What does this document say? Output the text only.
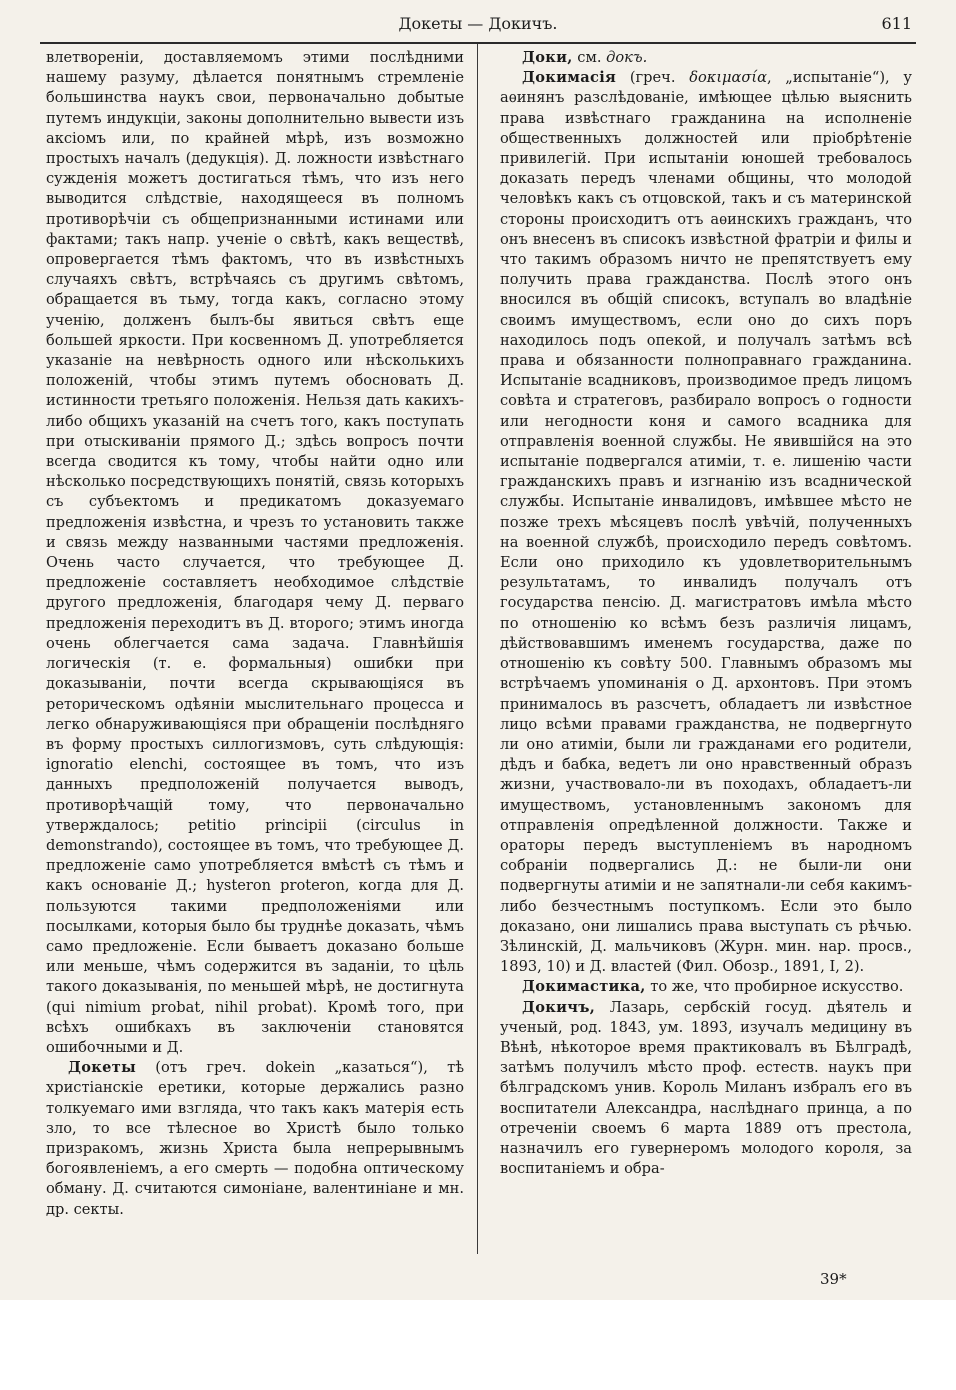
Докеты — Докичъ.	611

влетворенiи, доставляемомъ этими послѣдними нашему разуму, дѣлается понятнымъ стремленiе большинства наукъ свои, первоначально добытые путемъ индукцiи, законы дополнительно вывести изъ аксiомъ или, по крайней мѣрѣ, изъ возможно простыхъ началъ (дедукцiя). Д. ложности извѣстнаго сужденiя можетъ достигаться тѣмъ, что изъ него выводится слѣдствiе, находящееся въ полномъ противорѣчiи съ общепризнанными истинами или фактами; такъ напр. ученiе о свѣтѣ, какъ веществѣ, опровергается тѣмъ фактомъ, что въ извѣстныхъ случаяхъ свѣтъ, встрѣчаясь съ другимъ свѣтомъ, обращается въ тьму, тогда какъ, согласно этому ученiю, долженъ былъ-бы явиться свѣтъ еще большей яркости. При косвенномъ Д. употребляется указанiе на невѣрность одного или нѣсколькихъ положенiй, чтобы этимъ путемъ обосновать Д. истинности третьяго положенiя. Нельзя дать какихъ-либо общихъ указанiй на счетъ того, какъ поступать при отыскиванiи прямого Д.; здѣсь вопросъ почти всегда сводится къ тому, чтобы найти одно или нѣсколько посредствующихъ понятiй, связь которыхъ съ субъектомъ и предикатомъ доказуемаго предложенiя извѣстна, и чрезъ то установить также и связь между названными частями предложенiя. Очень часто случается, что требующее Д. предложенiе составляетъ необходимое слѣдствiе другого предложенiя, благодаря чему Д. перваго предложенiя переходитъ въ Д. второго; этимъ иногда очень облегчается сама задача. Главнѣйшiя логическiя (т. е. формальныя) ошибки при доказыванiи, почти всегда скрывающiяся въ реторическомъ одѣянiи мыслительнаго процесса и легко обнаруживающiяся при обращенiи послѣдняго въ форму простыхъ силлогизмовъ, суть слѣдующiя: ignoratio elenchi, состоящее въ томъ, что изъ данныхъ предположенiй получается выводъ, противорѣчащiй тому, что первоначально утверждалось; petitio principii (circulus in demonstrando), состоящее въ томъ, что требующее Д. предложенiе само употребляется вмѣстѣ съ тѣмъ и какъ основанiе Д.; hysteron proteron, когда для Д. пользуются такими предположенiями или посылками, которыя было бы труднѣе доказать, чѣмъ само предложенiе. Если бываетъ доказано больше или меньше, чѣмъ содержится въ заданiи, то цѣль такого доказыванiя, по меньшей мѣрѣ, не достигнута (qui nimium probat, nihil probat). Кромѣ того, при всѣхъ ошибкахъ въ заключенiи становятся ошибочными и Д.

Докеты (отъ греч. dokein „казаться“), тѣ христiанскiе еретики, которые держались разно толкуемаго ими взгляда, что такъ какъ матерiя есть зло, то все тѣлесное во Христѣ было только призракомъ, жизнь Христа была непрерывнымъ богоявленiемъ, а его смерть — подобна оптическому обману. Д. считаются симонiане, валентинiане и мн. др. секты.

Доки, см. докъ.

Докимасiя (греч. δοκιμασία, „испытанiе“), у аѳинянъ разслѣдованiе, имѣющее цѣлью выяснить права извѣстнаго гражданина на исполненiе общественныхъ должностей или прiобрѣтенiе привилегiй. При испытанiи юношей требовалось доказать передъ членами общины, что молодой человѣкъ какъ съ отцовской, такъ и съ материнской стороны происходитъ отъ аѳинскихъ гражданъ, что онъ внесенъ въ списокъ извѣстной фратрiи и филы и что такимъ образомъ ничто не препятствуетъ ему получить права гражданства. Послѣ этого онъ вносился въ общiй списокъ, вступалъ во владѣнiе своимъ имуществомъ, если оно до сихъ поръ находилось подъ опекой, и получалъ затѣмъ всѣ права и обязанности полноправнаго гражданина. Испытанiе всадниковъ, производимое предъ лицомъ совѣта и стратеговъ, разбирало вопросъ о годности или негодности коня и самого всадника для отправленiя военной службы. Не явившiйся на это испытанiе подвергался атимiи, т. е. лишенiю части гражданскихъ правъ и изгнанiю изъ всаднической службы. Испытанiе инвалидовъ, имѣвшее мѣсто не позже трехъ мѣсяцевъ послѣ увѣчiй, полученныхъ на военной службѣ, происходило передъ совѣтомъ. Если оно приходило къ удовлетворительнымъ результатамъ, то инвалидъ получалъ отъ государства пенсiю. Д. магистратовъ имѣла мѣсто по отношенiю ко всѣмъ безъ различiя лицамъ, дѣйствовавшимъ именемъ государства, даже по отношенiю къ совѣту 500. Главнымъ образомъ мы встрѣчаемъ упоминанiя о Д. архонтовъ. При этомъ принималось въ разсчетъ, обладаетъ ли извѣстное лицо всѣми правами гражданства, не подвергнуто ли оно атимiи, были ли гражданами его родители, дѣдъ и бабка, ведетъ ли оно нравственный образъ жизни, участвовало-ли въ походахъ, обладаетъ-ли имуществомъ, установленнымъ закономъ для отправленiя опредѣленной должности. Также и ораторы передъ выступленiемъ въ народномъ собранiи подвергались Д.: не были-ли они подвергнуты атимiи и не запятнали-ли себя какимъ-либо безчестнымъ поступкомъ. Если это было доказано, они лишались права выступать съ рѣчью. Зѣлинскiй, Д. мальчиковъ (Журн. мин. нар. просв., 1893, 10) и Д. властей (Фил. Обозр., 1891, I, 2).

Докимастика, то же, что пробирное искусство.

Докичъ, Лазарь, сербскiй госуд. дѣятель и ученый, род. 1843, ум. 1893, изучалъ медицину въ Вѣнѣ, нѣкоторое время практиковалъ въ Бѣлградѣ, затѣмъ получилъ мѣсто проф. естеств. наукъ при бѣлградскомъ унив. Король Миланъ избралъ его въ воспитатели Александра, наслѣднаго принца, а по отреченiи своемъ 6 марта 1889 отъ престола, назначилъ его гувернеромъ молодого короля, за воспитанiемъ и обра-

39*
